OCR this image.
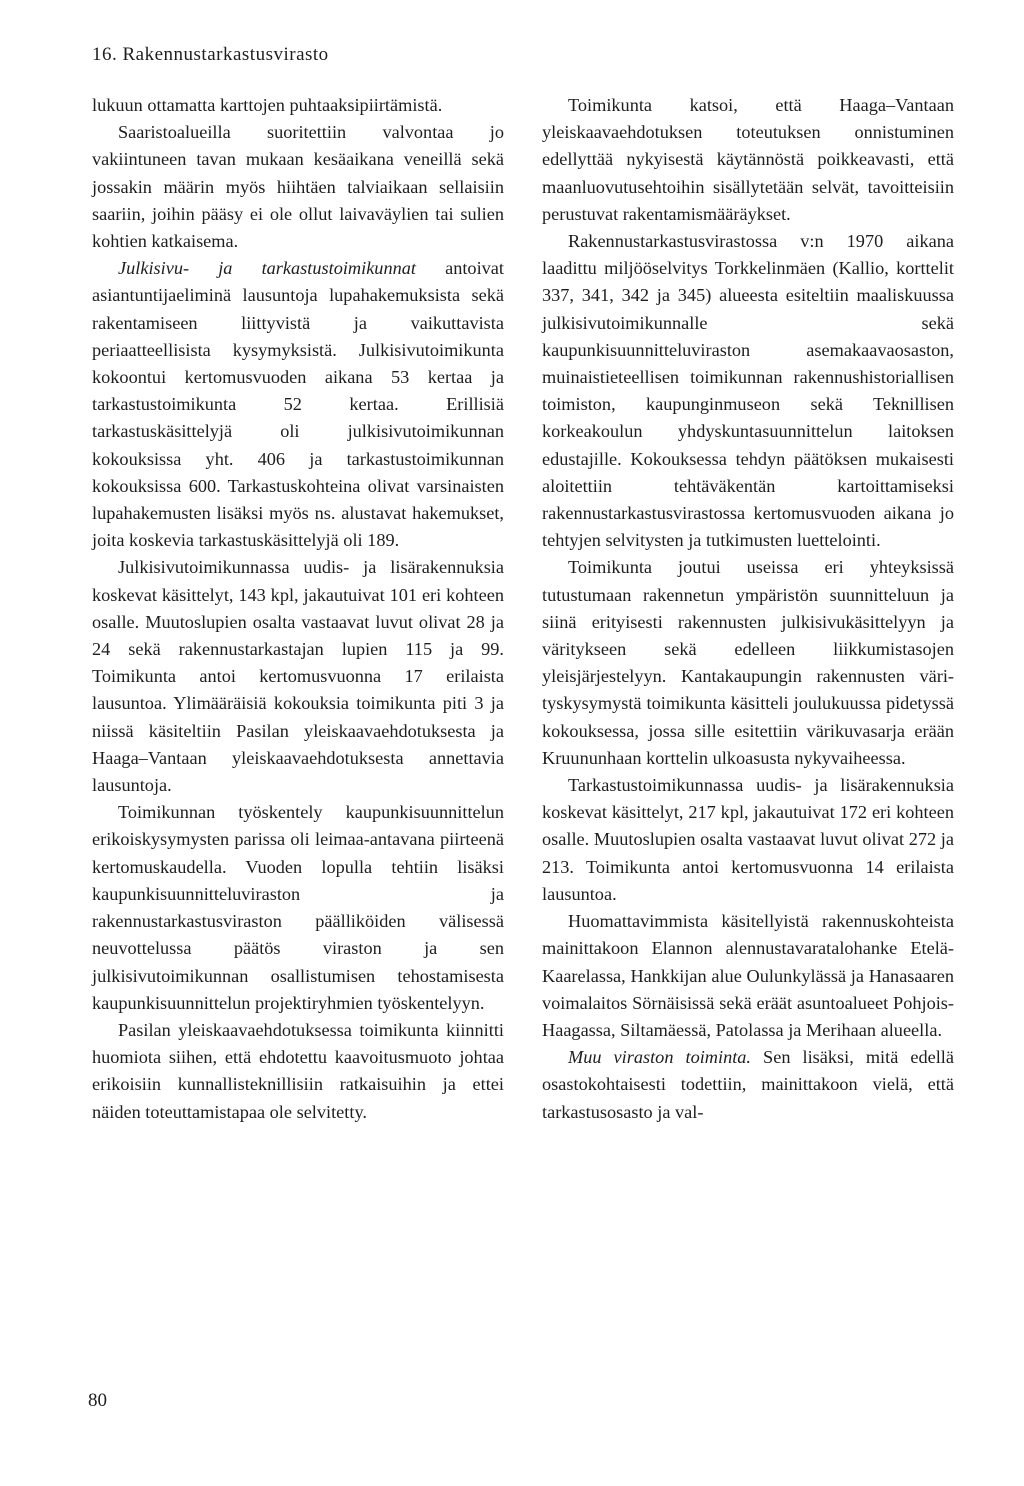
16. Rakennustarkastusvirasto

lukuun ottamatta karttojen puhtaaksipiirtämistä.

Saaristoalueilla suoritettiin valvontaa jo vakiintuneen tavan mukaan kesäaikana veneillä sekä jossakin määrin myös hiihtäen talviaikaan sellaisiin saariin, joihin pääsy ei ole ollut laivaväylien tai sulien kohtien katkaisema.

Julkisivu- ja tarkastustoimikunnat antoivat asiantuntijaeliminä lausuntoja lupahakemuksista sekä rakentamiseen liittyvistä ja vaikuttavista periaatteellisista kysymyksistä. Julkisivutoimikunta kokoontui kertomusvuoden aikana 53 kertaa ja tarkastustoimikunta 52 kertaa. Erillisiä tarkastuskäsittelyjä oli julkisivutoimikunnan kokouksissa yht. 406 ja tarkastustoimikunnan kokouksissa 600. Tarkastuskohteina olivat varsinaisten lupahakemusten lisäksi myös ns. alustavat hakemukset, joita koskevia tarkastuskäsittelyjä oli 189.

Julkisivutoimikunnassa uudis- ja lisärakennuksia koskevat käsittelyt, 143 kpl, jakautuivat 101 eri kohteen osalle. Muutoslupien osalta vastaavat luvut olivat 28 ja 24 sekä rakennustarkastajan lupien 115 ja 99. Toimikunta antoi kertomusvuonna 17 erilaista lausuntoa. Ylimääräisiä kokouksia toimikunta piti 3 ja niissä käsiteltiin Pasilan yleiskaavaehdotuksesta ja Haaga–Vantaan yleiskaavaehdotuksesta annettavia lausuntoja.

Toimikunnan työskentely kaupunkisuunnittelun erikoiskysymysten parissa oli leimaa-antavana piirteenä kertomuskaudella. Vuoden lopulla tehtiin lisäksi kaupunkisuunnitteluviraston ja rakennustarkastusviraston päälliköiden välisessä neuvottelussa päätös viraston ja sen julkisivutoimikunnan osallistumisen tehostamisesta kaupunkisuunnittelun projektiryhmien työskentelyyn.

Pasilan yleiskaavaehdotuksessa toimikunta kiinnitti huomiota siihen, että ehdotettu kaavoitusmuoto johtaa erikoisiin kunnallisteknillisiin ratkaisuihin ja ettei näiden toteuttamistapaa ole selvitetty.

Toimikunta katsoi, että Haaga–Vantaan yleiskaavaehdotuksen toteutuksen onnistuminen edellyttää nykyisestä käytännöstä poikkeavasti, että maanluovutusehtoihin sisällytetään selvät, tavoitteisiin perustuvat rakentamismääräykset.

Rakennustarkastusvirastossa v:n 1970 aikana laadittu miljööselvitys Torkkelinmäen (Kallio, korttelit 337, 341, 342 ja 345) alueesta esiteltiin maaliskuussa julkisivutoimikunnalle sekä kaupunkisuunnitteluviraston asemakaavaosaston, muinaistieteellisen toimikunnan rakennushistoriallisen toimiston, kaupunginmuseon sekä Teknillisen korkeakoulun yhdyskuntasuunnittelun laitoksen edustajille. Kokouksessa tehdyn päätöksen mukaisesti aloitettiin tehtäväkentän kartoittamiseksi rakennustarkastusvirastossa kertomusvuoden aikana jo tehtyjen selvitysten ja tutkimusten luettelointi.

Toimikunta joutui useissa eri yhteyksissä tutustumaan rakennetun ympäristön suunnitteluun ja siinä erityisesti rakennusten julkisivukäsittelyyn ja väritykseen sekä edelleen liikkumistasojen yleisjärjestelyyn. Kantakaupungin rakennusten värityskysymystä toimikunta käsitteli joulukuussa pidetyssä kokouksessa, jossa sille esitettiin värikuvasarja erään Kruununhaan korttelin ulkoasusta nykyvaiheessa.

Tarkastustoimikunnassa uudis- ja lisärakennuksia koskevat käsittelyt, 217 kpl, jakautuivat 172 eri kohteen osalle. Muutoslupien osalta vastaavat luvut olivat 272 ja 213. Toimikunta antoi kertomusvuonna 14 erilaista lausuntoa.

Huomattavimmista käsitellyistä rakennuskohteista mainittakoon Elannon alennustavaratalohanke Etelä-Kaarelassa, Hankkijan alue Oulunkylässä ja Hanasaaren voimalaitos Sörnäisissä sekä eräät asuntoalueet Pohjois-Haagassa, Siltamäessä, Patolassa ja Merihaan alueella.

Muu viraston toiminta. Sen lisäksi, mitä edellä osastokohtaisesti todettiin, mainittakoon vielä, että tarkastusosasto ja val-

80
